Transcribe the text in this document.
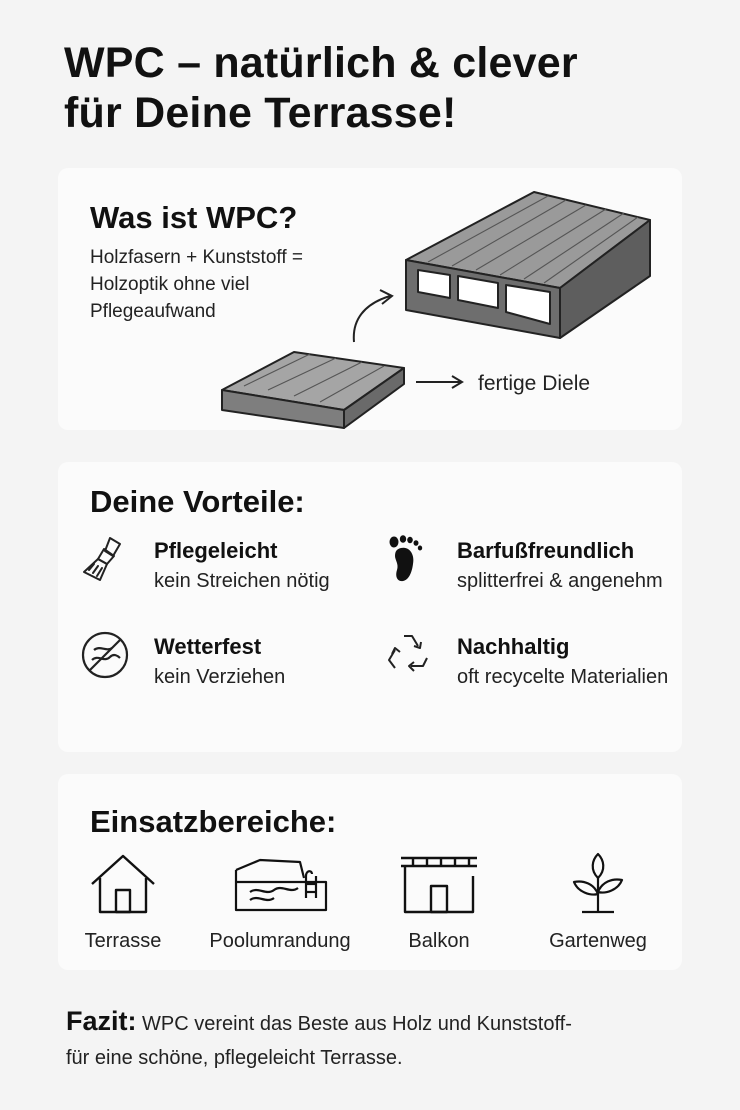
WPC – natürlich & clever
für Deine Terrasse!
Was ist WPC?
Holzfasern + Kunststoff =
Holzoptik ohne viel
Pflegeaufwand
fertige Diele
Deine Vorteile:
Pflegeleicht
kein Streichen nötig
Barfußfreundlich
splitterfrei & angenehm
Wetterfest
kein Verziehen
Nachhaltig
oft recycelte Materialien
Einsatzbereiche:
Terrasse	Poolumrandung	Balkon	Gartenweg

Fazit: WPC vereint das Beste aus Holz und Kunststoff-
für eine schöne, pflegeleicht Terrasse.
